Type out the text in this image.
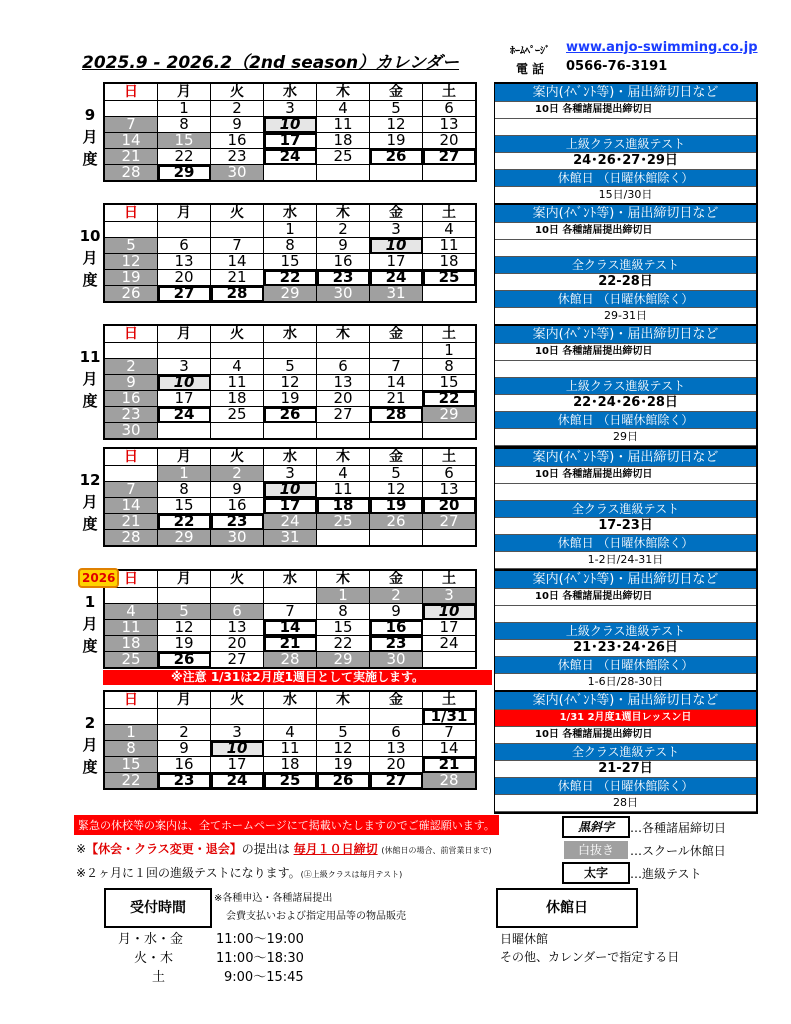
2025.9 - 2026.2（2nd season）カレンダー
ﾎｰﾑﾍﾟｰｼﾞ www.anjo-swimming.co.jp
電 話 0566-76-3191
9
月
度
日	月	火	水	木	金	土
	1	2	3	4	5	6
7	8	9	10	11	12	13
14	15	16	17	18	19	20
21	22	23	24	25	26	27
28	29	30				
案内(ｲﾍﾞﾝﾄ等)・届出締切日など
10日 各種諸届提出締切日
上級クラス進級テスト
24･26･27･29日
休館日 （日曜休館除く）
15日/30日
10
月
度
日	月	火	水	木	金	土
			1	2	3	4
5	6	7	8	9	10	11
12	13	14	15	16	17	18
19	20	21	22	23	24	25
26	27	28	29	30	31	
案内(ｲﾍﾞﾝﾄ等)・届出締切日など
10日 各種諸届提出締切日
全クラス進級テスト
22-28日
休館日 （日曜休館除く）
29-31日
11
月
度
日	月	火	水	木	金	土
						1
2	3	4	5	6	7	8
9	10	11	12	13	14	15
16	17	18	19	20	21	22
23	24	25	26	27	28	29
30						
案内(ｲﾍﾞﾝﾄ等)・届出締切日など
10日 各種諸届提出締切日
上級クラス進級テスト
22･24･26･28日
休館日 （日曜休館除く）
29日
12
月
度
日	月	火	水	木	金	土
	1	2	3	4	5	6
7	8	9	10	11	12	13
14	15	16	17	18	19	20
21	22	23	24	25	26	27
28	29	30	31			
案内(ｲﾍﾞﾝﾄ等)・届出締切日など
10日 各種諸届提出締切日
全クラス進級テスト
17-23日
休館日 （日曜休館除く）
1-2日/24-31日
1
月
度
日	月	火	水	木	金	土
				1	2	3
4	5	6	7	8	9	10
11	12	13	14	15	16	17
18	19	20	21	22	23	24
25	26	27	28	29	30	
案内(ｲﾍﾞﾝﾄ等)・届出締切日など
10日 各種諸届提出締切日
上級クラス進級テスト
21･23･24･26日
休館日 （日曜休館除く）
1-6日/28-30日
※注意 1/31は2月度1週目として実施します。
2
月
度
日	月	火	水	木	金	土
						1/31
1	2	3	4	5	6	7
8	9	10	11	12	13	14
15	16	17	18	19	20	21
22	23	24	25	26	27	28
案内(ｲﾍﾞﾝﾄ等)・届出締切日など
1/31 2月度1週目レッスン日
10日 各種諸届提出締切日
全クラス進級テスト
21-27日
休館日 （日曜休館除く）
28日
2026
緊急の休校等の案内は、全てホームページにて掲載いたしますのでご確認願います。
※【休会・クラス変更・退会】の提出は 毎月１０日締切 (休館日の場合、前営業日まで)
※２ヶ月に１回の進級テストになります。(㊤上級クラスは毎月テスト)
黒斜字	…各種諸届締切日
白抜き	…スクール休館日
太字	…進級テスト
受付時間
※各種申込・各種諸届提出
会費支払いおよび指定用品等の物品販売
月・水・金	11:00～19:00
火・木	11:00～18:30
土	9:00～15:45
休館日
日曜休館
その他、カレンダーで指定する日
